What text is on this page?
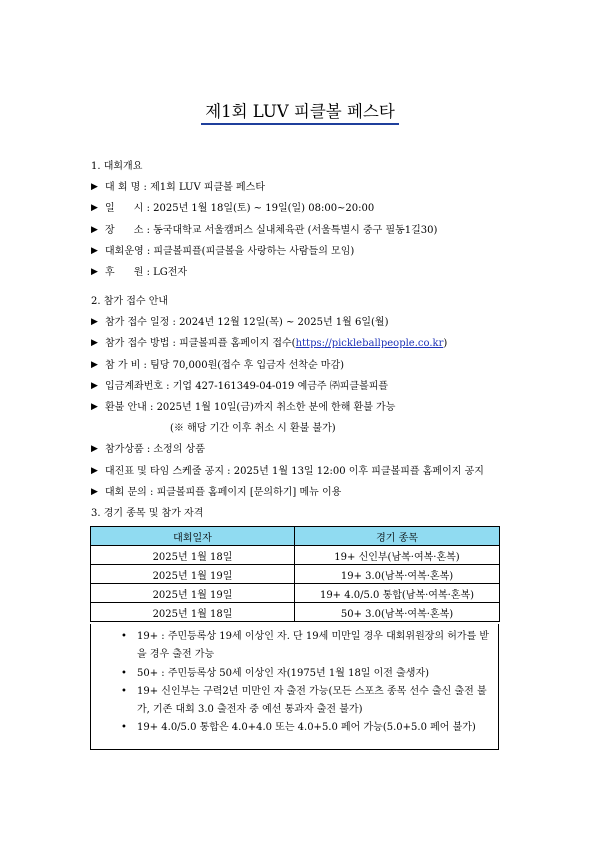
제1회 LUV 피클볼 페스타
1. 대회개요
▶ 대 회 명 : 제1회 LUV 피클볼 페스타
▶ 일      시 : 2025년 1월 18일(토) ~ 19일(일) 08:00~20:00
▶ 장      소 : 동국대학교 서울캠퍼스 실내체육관 (서울특별시 중구 필동1길30)
▶ 대회운영 : 피클볼피플(피클볼을 사랑하는 사람들의 모임)
▶ 후      원 : LG전자
2. 참가 접수 안내
▶ 참가 접수 일정 : 2024년 12월 12일(목) ~ 2025년 1월 6일(월)
▶ 참가 접수 방법 : 피클볼피플 홈페이지 접수( https://pickleballpeople.co.kr )
▶ 참 가 비 : 팀당 70,000원(접수 후 입금자 선착순 마감)
▶ 입금계좌번호 : 기업 427-161349-04-019 예금주 ㈜피클볼피플
▶ 환불 안내 : 2025년 1월 10일(금)까지 취소한 분에 한해 환불 가능
(※ 해당 기간 이후 취소 시 환불 불가)
▶ 참가상품 : 소정의 상품
▶ 대진표 및 타임 스케줄 공지 : 2025년 1월 13일 12:00 이후 피클볼피플 홈페이지 공지
▶ 대회 문의 : 피클볼피플 홈페이지 [문의하기] 메뉴 이용
3. 경기 종목 및 참가 자격
대회일자	경기 종목
2025년 1월 18일	19+ 신인부(남복·여복·혼복)
2025년 1월 19일	19+ 3.0(남복·여복·혼복)
2025년 1월 19일	19+ 4.0/5.0 통합(남복·여복·혼복)
2025년 1월 18일	50+ 3.0(남복·여복·혼복)
• 19+ : 주민등록상 19세 이상인 자. 단 19세 미만일 경우 대회위원장의 허가를 받을 경우 출전 가능
• 50+ : 주민등록상 50세 이상인 자(1975년 1월 18일 이전 출생자)
• 19+ 신인부는 구력2년 미만인 자 출전 가능(모든 스포츠 종목 선수 출신 출전 불가, 기존 대회 3.0 출전자 중 예선 통과자 출전 불가)
• 19+ 4.0/5.0 통합은 4.0+4.0 또는 4.0+5.0 페어 가능(5.0+5.0 페어 불가)
